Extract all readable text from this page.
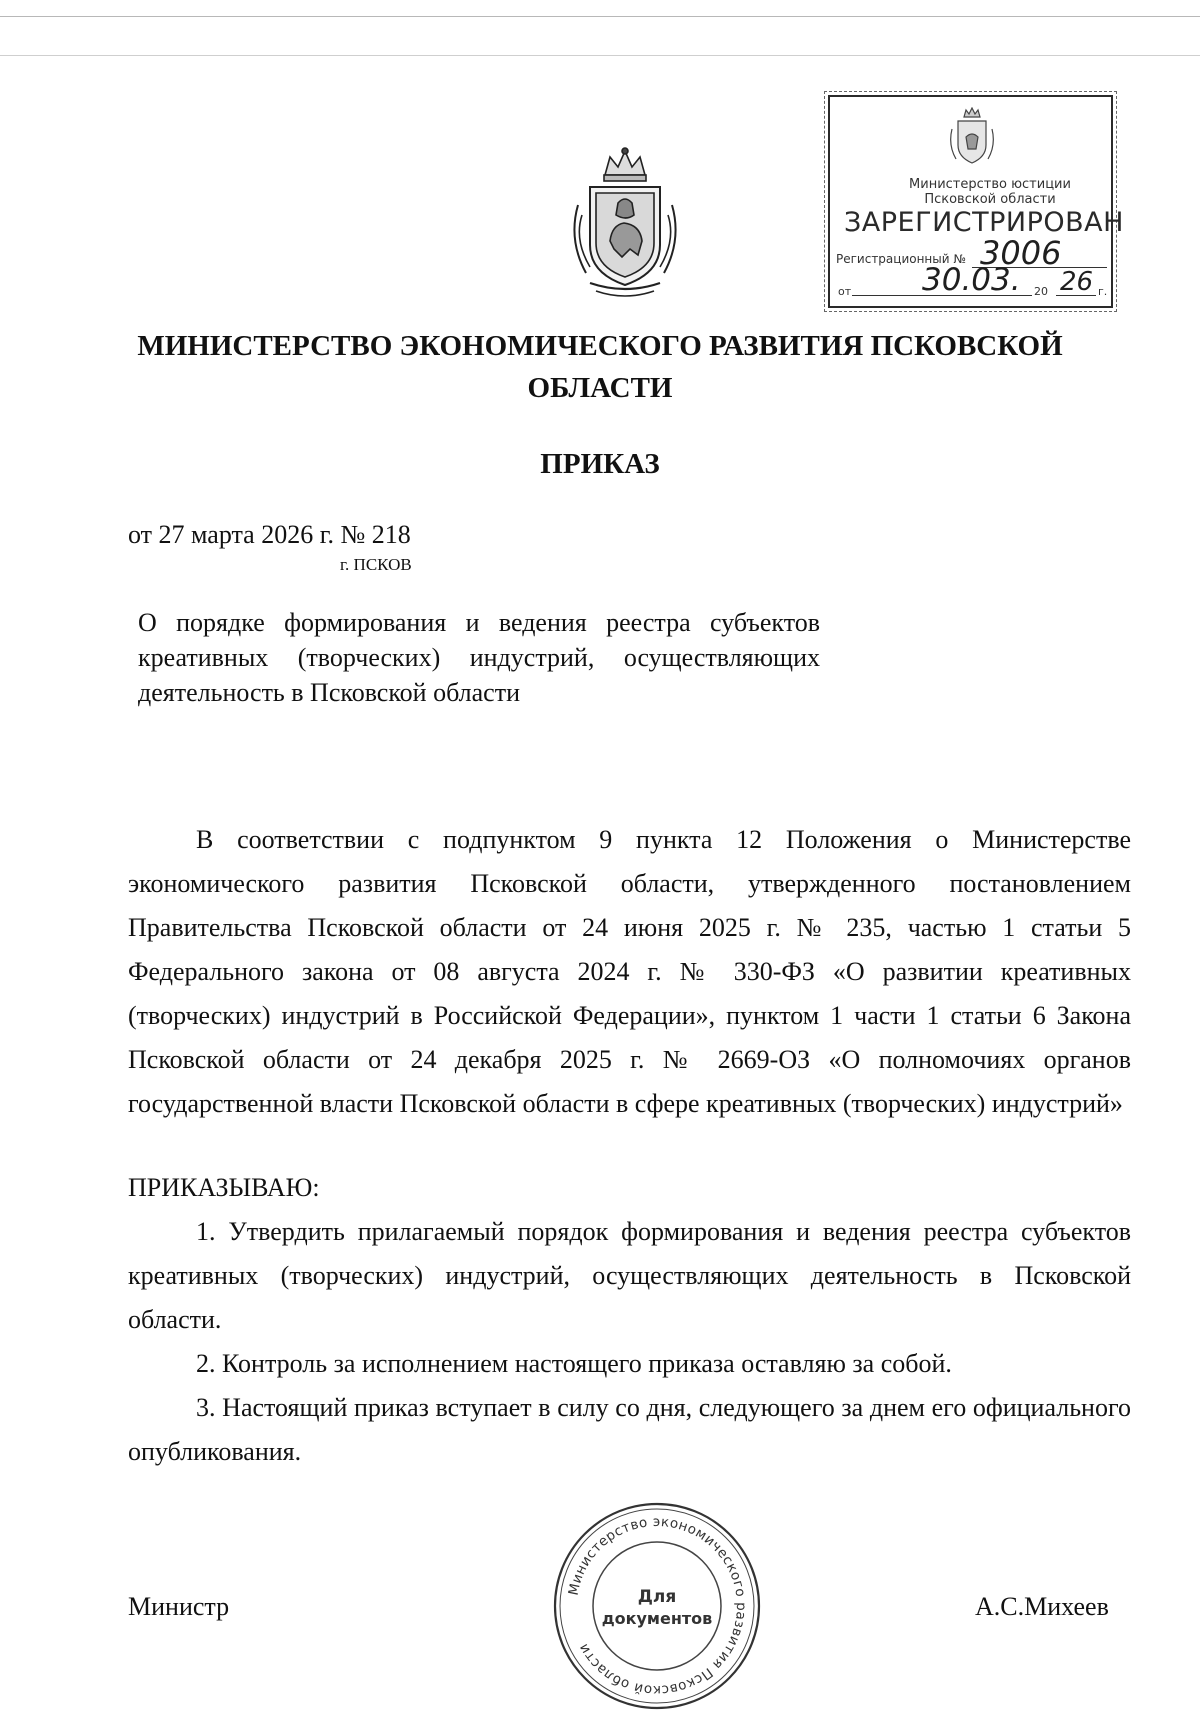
Министерство юстиции
Псковской области
ЗАРЕГИСТРИРОВАН
Регистрационный № 3006
от 30.03. 20 26 г.
МИНИСТЕРСТВО ЭКОНОМИЧЕСКОГО РАЗВИТИЯ ПСКОВСКОЙ
ОБЛАСТИ
ПРИКАЗ
от 27 марта 2026 г. № 218
г. ПСКОВ
О порядке формирования и ведения реестра субъектов креативных (творческих) индустрий, осуществляющих деятельность в Псковской области
В соответствии с подпунктом 9 пункта 12 Положения о Министерстве экономического развития Псковской области, утвержденного постановлением Правительства Псковской области от 24 июня 2025 г. № 235, частью 1 статьи 5 Федерального закона от 08 августа 2024 г. № 330-ФЗ «О развитии креативных (творческих) индустрий в Российской Федерации», пунктом 1 части 1 статьи 6 Закона Псковской области от 24 декабря 2025 г. № 2669-ОЗ «О полномочиях органов государственной власти Псковской области в сфере креативных (творческих) индустрий»
ПРИКАЗЫВАЮ:
1. Утвердить прилагаемый порядок формирования и ведения реестра субъектов креативных (творческих) индустрий, осуществляющих деятельность в Псковской области.
2. Контроль за исполнением настоящего приказа оставляю за собой.
3. Настоящий приказ вступает в силу со дня, следующего за днем его официального опубликования.
Министр	А.С.Михеев
Министерство экономического развития Псковской области
Для
документов
